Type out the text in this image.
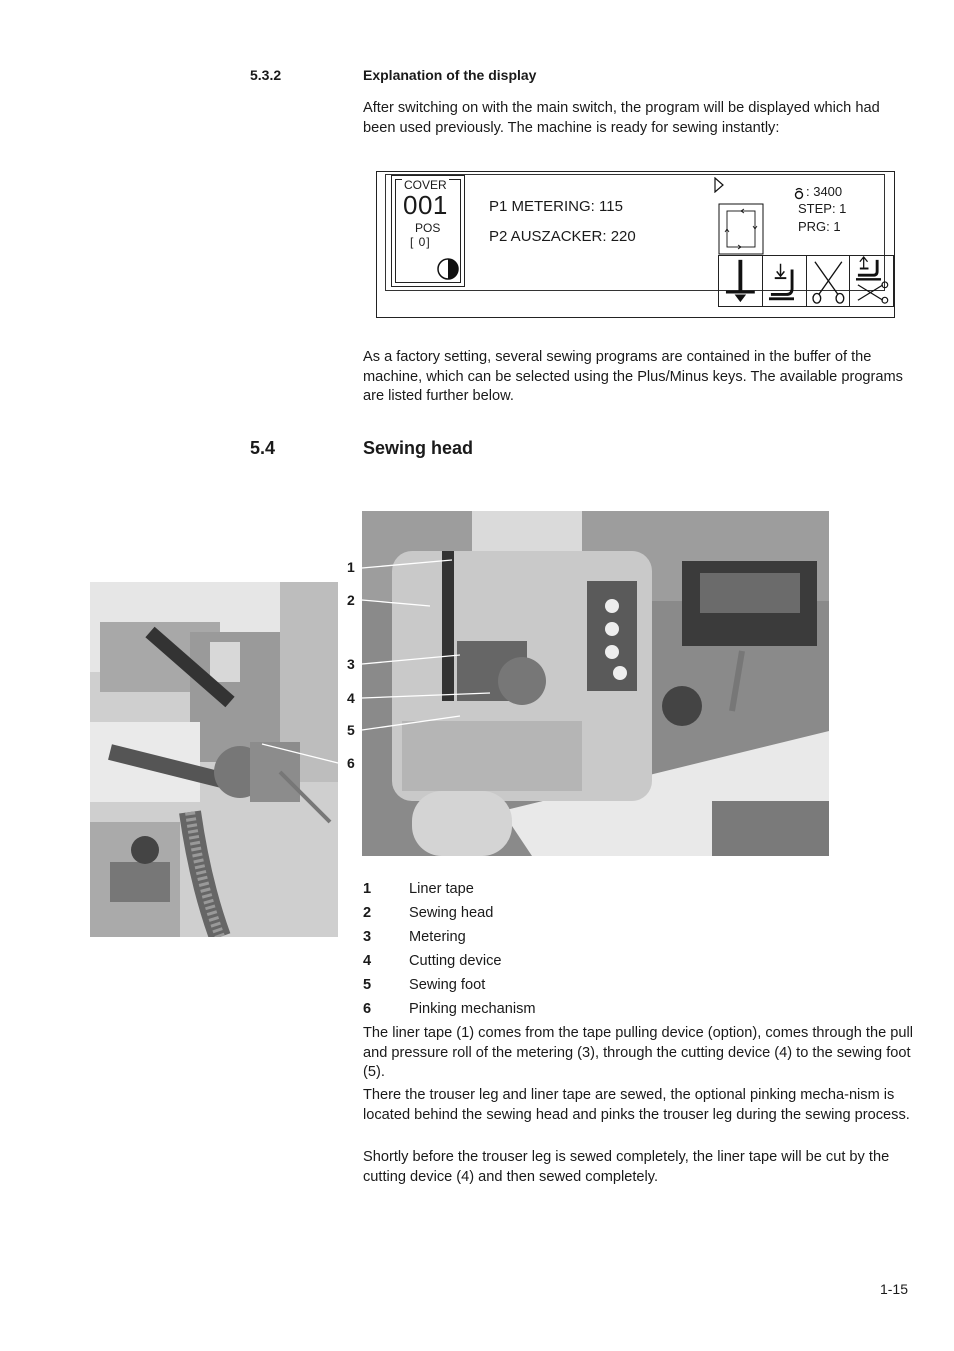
5.3.2	Explanation of the display
After switching on with the main switch, the program will be displayed which had been used previously. The machine is ready for sewing instantly:
COVER
001
POS
[ 0]
P1 METERING: 115
P2 AUSZACKER: 220
: 3400
STEP: 1
PRG: 1
As a factory setting, several sewing programs are contained in the buffer of the machine, which can be selected using the Plus/Minus keys. The available programs are listed further below.
5.4	Sewing head
1
2
3
4
5
6
1	Liner tape
2	Sewing head
3	Metering
4	Cutting device
5	Sewing foot
6	Pinking mechanism
The liner tape (1) comes from the tape pulling device (option), comes through the pull and pressure roll of the metering (3), through the cutting device (4) to the sewing foot (5).
There the trouser leg and liner tape are sewed, the optional pinking mecha-nism is located behind the sewing head and pinks the trouser leg during the sewing process.
Shortly before the trouser leg is sewed completely, the liner tape will be cut by the cutting device (4) and then sewed completely.
1-15
